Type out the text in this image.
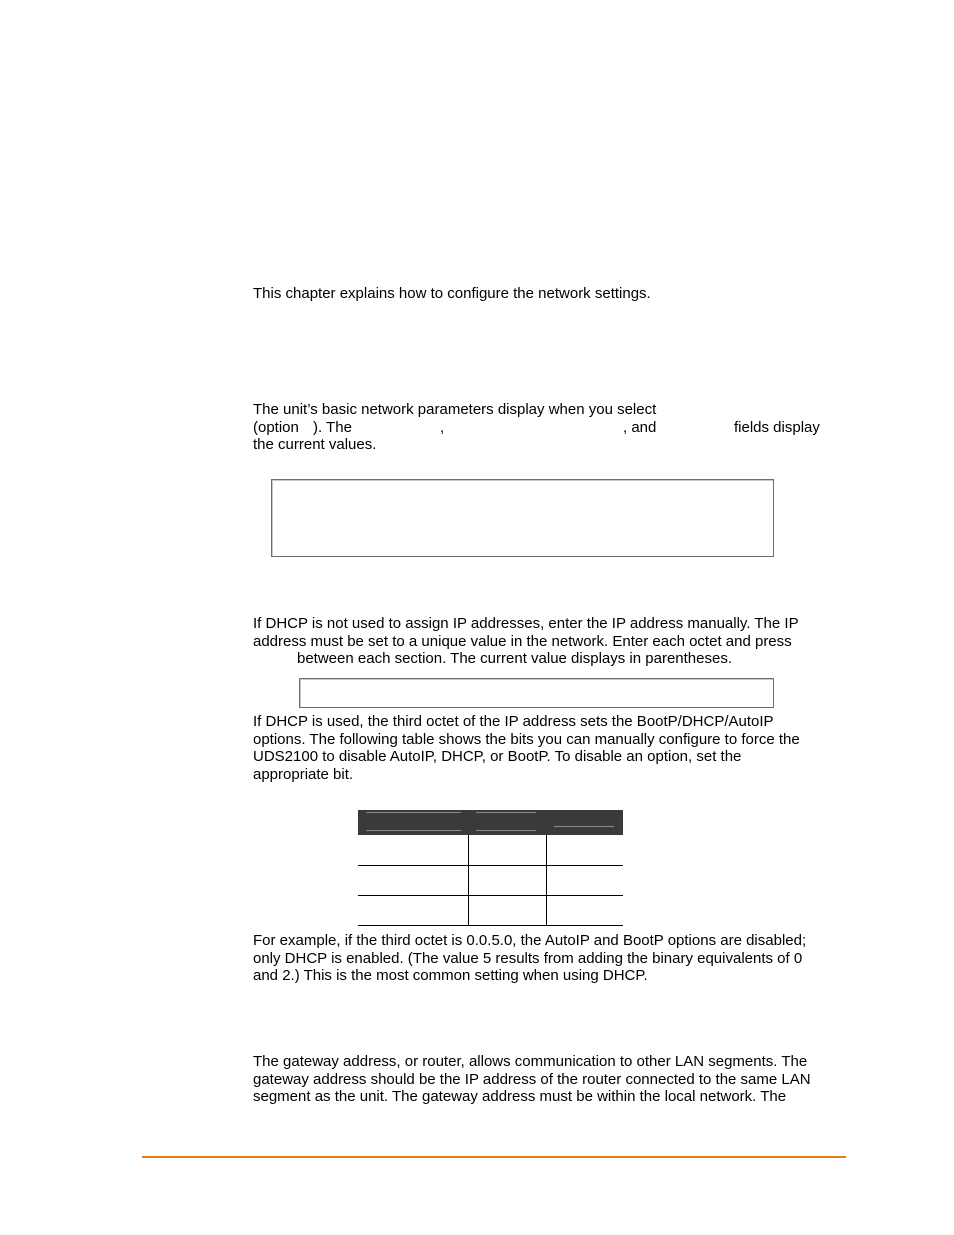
This chapter explains how to configure the network settings.

The unit’s basic network parameters display when you select

(option ). The	,	, and	fields display

the current values.

If DHCP is not used to assign IP addresses, enter the IP address manually. The IP

address must be set to a unique value in the network. Enter each octet and press

between each section. The current value displays in parentheses.

If DHCP is used, the third octet of the IP address sets the BootP/DHCP/AutoIP

options. The following table shows the bits you can manually configure to force the

UDS2100 to disable AutoIP, DHCP, or BootP. To disable an option, set the

appropriate bit.

For example, if the third octet is 0.0.5.0, the AutoIP and BootP options are disabled;

only DHCP is enabled. (The value 5 results from adding the binary equivalents of 0

and 2.) This is the most common setting when using DHCP.

The gateway address, or router, allows communication to other LAN segments. The

gateway address should be the IP address of the router connected to the same LAN

segment as the unit. The gateway address must be within the local network. The
